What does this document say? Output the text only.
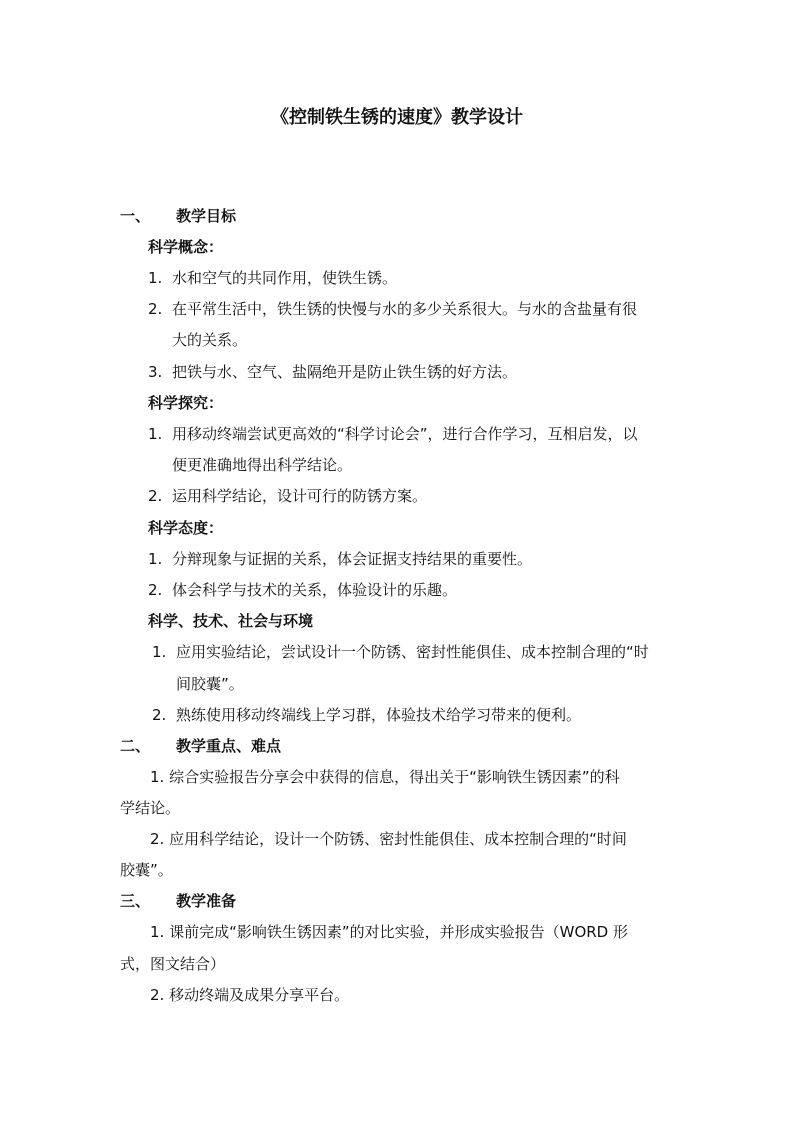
《控制铁生锈的速度》教学设计
一、 教学目标
科学概念：
1. 水和空气的共同作用，使铁生锈。
2. 在平常生活中，铁生锈的快慢与水的多少关系很大。与水的含盐量有很
大的关系。
3. 把铁与水、空气、盐隔绝开是防止铁生锈的好方法。
科学探究：
1. 用移动终端尝试更高效的“科学讨论会”，进行合作学习，互相启发，以
便更准确地得出科学结论。
2. 运用科学结论，设计可行的防锈方案。
科学态度：
1. 分辩现象与证据的关系，体会证据支持结果的重要性。
2. 体会科学与技术的关系，体验设计的乐趣。
科学、技术、社会与环境
1. 应用实验结论，尝试设计一个防锈、密封性能俱佳、成本控制合理的“时
间胶囊”。
2. 熟练使用移动终端线上学习群，体验技术给学习带来的便利。
二、 教学重点、难点
1. 综合实验报告分享会中获得的信息，得出关于“影响铁生锈因素”的科
学结论。
2. 应用科学结论，设计一个防锈、密封性能俱佳、成本控制合理的“时间
胶囊”。
三、 教学准备
1. 课前完成“影响铁生锈因素”的对比实验，并形成实验报告（WORD 形
式，图文结合）
2. 移动终端及成果分享平台。
